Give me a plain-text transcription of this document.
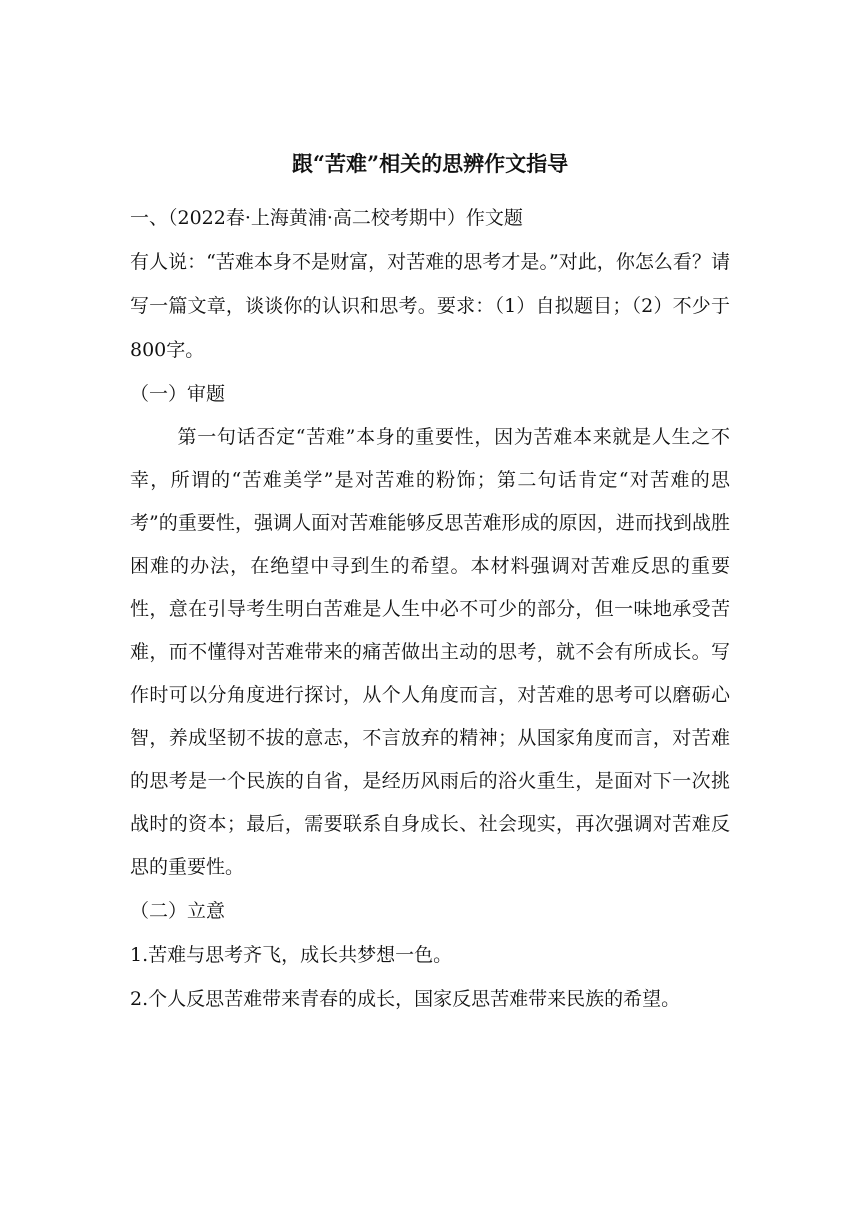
跟“苦难”相关的思辨作文指导

一、（2022春·上海黄浦·高二校考期中）作文题

有人说：“苦难本身不是财富，对苦难的思考才是。”对此，你怎么看？请写一篇文章，谈谈你的认识和思考。要求：（1）自拟题目；（2）不少于800字。

（一）审题

第一句话否定“苦难”本身的重要性，因为苦难本来就是人生之不幸，所谓的“苦难美学”是对苦难的粉饰；第二句话肯定“对苦难的思考”的重要性，强调人面对苦难能够反思苦难形成的原因，进而找到战胜困难的办法，在绝望中寻到生的希望。本材料强调对苦难反思的重要性，意在引导考生明白苦难是人生中必不可少的部分，但一味地承受苦难，而不懂得对苦难带来的痛苦做出主动的思考，就不会有所成长。写作时可以分角度进行探讨，从个人角度而言，对苦难的思考可以磨砺心智，养成坚韧不拔的意志，不言放弃的精神；从国家角度而言，对苦难的思考是一个民族的自省，是经历风雨后的浴火重生，是面对下一次挑战时的资本；最后，需要联系自身成长、社会现实，再次强调对苦难反思的重要性。

（二）立意

1.苦难与思考齐飞，成长共梦想一色。

2.个人反思苦难带来青春的成长，国家反思苦难带来民族的希望。
